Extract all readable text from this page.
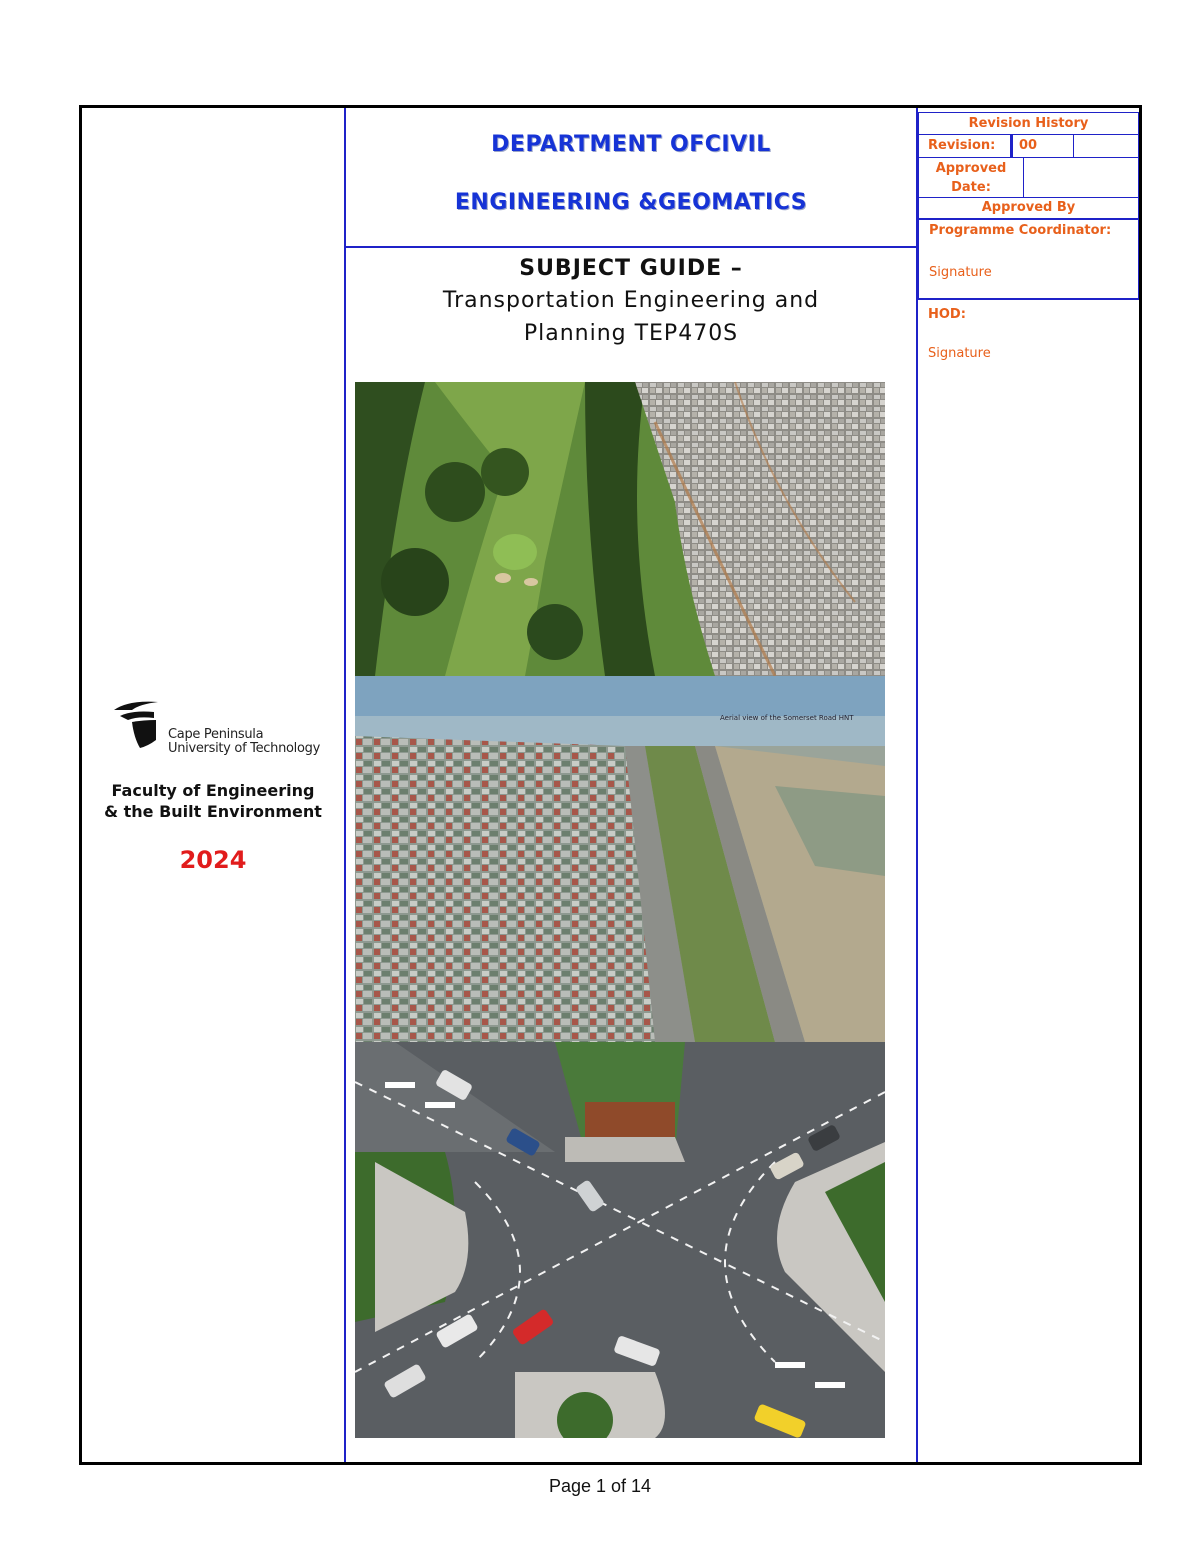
Cape Peninsula
University of Technology
Faculty of Engineering
& the Built Environment
2024
DEPARTMENT OFCIVIL
ENGINEERING &GEOMATICS
SUBJECT GUIDE –
Transportation Engineering and
Planning TEP470S
Aerial view of the Somerset Road HNT
Revision History
Revision:	00
Approved
Date:
Approved By
Programme Coordinator:
Signature
HOD:
Signature
Page 1 of 14
